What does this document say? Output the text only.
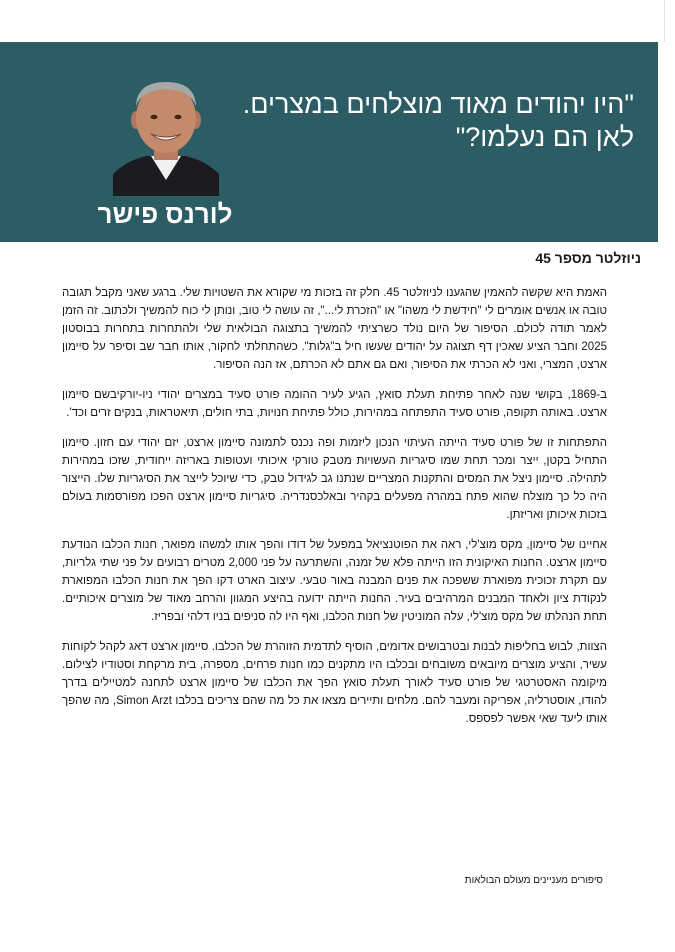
"היו יהודים מאוד מוצלחים במצרים. לאן הם נעלמו?"

לורנס פישר

ניוזלטר מספר 45

האמת היא שקשה להאמין שהגענו לניוזלטר 45. חלק זה בזכות מי שקורא את השטויות שלי. ברגע שאני מקבל תגובה טובה או אנשים אומרים לי "חידשת לי משהו" או "הזכרת לי...", זה עושה לי טוב, ונותן לי כוח להמשיך ולכתוב. זה הזמן לאמר תודה לכולם. הסיפור של היום נולד כשרציתי להמשיך בתצוגה הבולאית שלי ולהתחרות בתחרות בבוסטון 2025 וחבר הציע שאכין דף תצוגה על יהודים שעשו חיל ב"גלות". כשהתחלתי לחקור, אותו חבר שב וסיפר על סיימון ארצט, המצרי, ואני לא הכרתי את הסיפור, ואם גם אתם לא הכרתם, אז הנה הסיפור.

ב-1869, בקושי שנה לאחר פתיחת תעלת סואץ, הגיע לעיר ההומה פורט סעיד במצרים יהודי ניו-יורקיבשם סיימון ארצט. באותה תקופה, פורט סעיד התפתחה במהירות, כולל פתיחת חנויות, בתי חולים, תיאטראות, בנקים זרים וכד'.

התפתחות זו של פורט סעיד הייתה העיתוי הנכון ליזמות ופה נכנס לתמונה סיימון ארצט, יזם יהודי עם חזון. סיימון התחיל בקטן, ייצר ומכר תחת שמו סיגריות העשויות מטבק טורקי איכותי ועטופות באריזה ייחודית, שזכו במהירות לתהילה. סיימון ניצל את המסים והתקנות המצריים שנתנו גב לגידול טבק, כדי שיוכל לייצר את הסיגריות שלו. הייצור היה כל כך מוצלח שהוא פתח במהרה מפעלים בקהיר ובאלכסנדריה. סיגריות סיימון ארצט הפכו מפורסמות בעולם בזכות איכותן ואריזתן.

אחיינו של סיימון, מקס מוצ'לי, ראה את הפוטנציאל במפעל של דודו והפך אותו למשהו מפואר, חנות הכלבו הנודעת סיימון ארצט. החנות האיקונית הזו הייתה פלא של זמנה, והשתרעה על פני 2,000 מטרים רבועים על פני שתי גלריות, עם תקרת זכוכית מפוארת ששפכה את פנים המבנה באור טבעי. עיצוב הארט דקו הפך את חנות הכלבו המפוארת לנקודת ציון ולאחד המבנים המרהיבים בעיר. החנות הייתה ידועה בהיצע המגוון והרחב מאוד של מוצרים איכותיים. תחת הנהלתו של מקס מוצ'לי, עלה המוניטין של חנות הכלבו, ואף היו לה סניפים בניו דלהי ובפריז.

הצוות, לבוש בחליפות לבנות ובטרבושים אדומים, הוסיף לתדמית הזוהרת של הכלבו. סיימון ארצט דאג לקהל לקוחות עשיר, והציע מוצרים מיובאים משובחים ובכלבו היו מתקנים כמו חנות פרחים, מספרה, בית מרקחת וסטודיו לצילום. מיקומה האסטרטגי של פורט סעיד לאורך תעלת סואץ הפך את הכלבו של סיימון ארצט לתחנה למטיילים בדרך להודו, אוסטרליה, אפריקה ומעבר להם. מלחים ותיירים מצאו את כל מה שהם צריכים בכלבו Simon Arzt, מה שהפך אותו ליעד שאי אפשר לפספס.

סיפורים מעניינים מעולם הבולאות
